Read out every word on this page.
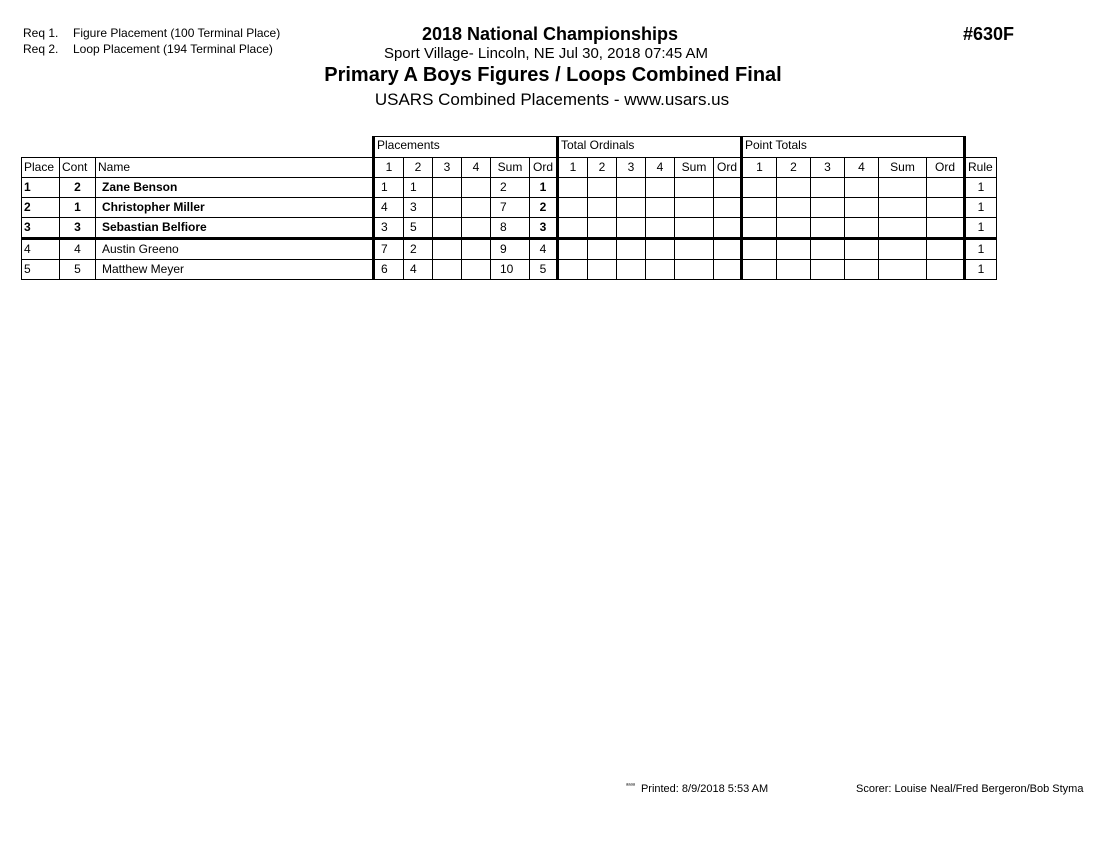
Req 1. Figure Placement (100 Terminal Place)
Req 2. Loop Placement (194 Terminal Place)
2018 National Championships
Sport Village- Lincoln, NE Jul 30, 2018 07:45 AM
Primary A Boys Figures / Loops Combined Final
USARS Combined Placements - www.usars.us
#630F
			Placements						Total Ordinals						Point Totals						
Place	Cont	Name	1	2	3	4	Sum	Ord	1	2	3	4	Sum	Ord	1	2	3	4	Sum	Ord	Rule
1	2	Zane Benson	1	1			2	1													1
2	1	Christopher Miller	4	3			7	2													1
3	3	Sebastian Belfiore	3	5			8	3													1
4	4	Austin Greeno	7	2			9	4													1
5	5	Matthew Meyer	6	4			10	5													1
$^{ᵃᵃᵃᵃ}$ Printed: 8/9/2018 5:53 AM	Scorer: Louise Neal/Fred Bergeron/Bob Styma
